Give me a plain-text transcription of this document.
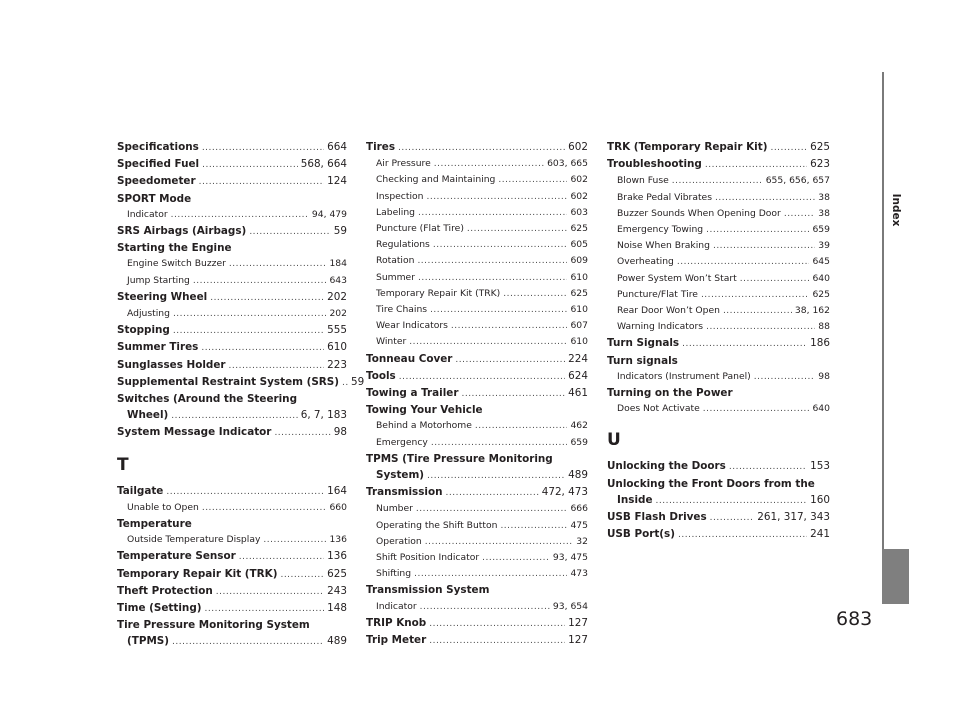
Specifications .....	664
Specified Fuel .....	568, 664
Speedometer .....	124
SPORT Mode
Indicator .....	94, 479
SRS Airbags (Airbags) .....	59
Starting the Engine
Engine Switch Buzzer .....	184
Jump Starting .....	643
Steering Wheel .....	202
Adjusting .....	202
Stopping .....	555
Summer Tires .....	610
Sunglasses Holder .....	223
Supplemental Restraint System (SRS) ..... 59
Switches (Around the Steering
Wheel) .....	6, 7, 183
System Message Indicator .....	98
T
Tailgate .....	164
Unable to Open .....	660
Temperature
Outside Temperature Display .....	136
Temperature Sensor .....	136
Temporary Repair Kit (TRK) .....	625
Theft Protection .....	243
Time (Setting) .....	148
Tire Pressure Monitoring System
(TPMS) .....	489
Tires .....	602
Air Pressure .....	603, 665
Checking and Maintaining .....	602
Inspection .....	602
Labeling .....	603
Puncture (Flat Tire) .....	625
Regulations .....	605
Rotation .....	609
Summer .....	610
Temporary Repair Kit (TRK) .....	625
Tire Chains .....	610
Wear Indicators .....	607
Winter .....	610
Tonneau Cover .....	224
Tools .....	624
Towing a Trailer .....	461
Towing Your Vehicle
Behind a Motorhome .....	462
Emergency .....	659
TPMS (Tire Pressure Monitoring
System) .....	489
Transmission .....	472, 473
Number .....	666
Operating the Shift Button .....	475
Operation .....	32
Shift Position Indicator .....	93, 475
Shifting .....	473
Transmission System
Indicator .....	93, 654
TRIP Knob .....	127
Trip Meter .....	127
TRK (Temporary Repair Kit) .....	625
Troubleshooting .....	623
Blown Fuse .....	655, 656, 657
Brake Pedal Vibrates .....	38
Buzzer Sounds When Opening Door .....	38
Emergency Towing .....	659
Noise When Braking .....	39
Overheating .....	645
Power System Won’t Start .....	640
Puncture/Flat Tire .....	625
Rear Door Won’t Open .....	38, 162
Warning Indicators .....	88
Turn Signals .....	186
Turn signals
Indicators (Instrument Panel) .....	98
Turning on the Power
Does Not Activate .....	640
U
Unlocking the Doors .....	153
Unlocking the Front Doors from the
Inside .....	160
USB Flash Drives .....	261, 317, 343
USB Port(s) .....	241
Index
683
